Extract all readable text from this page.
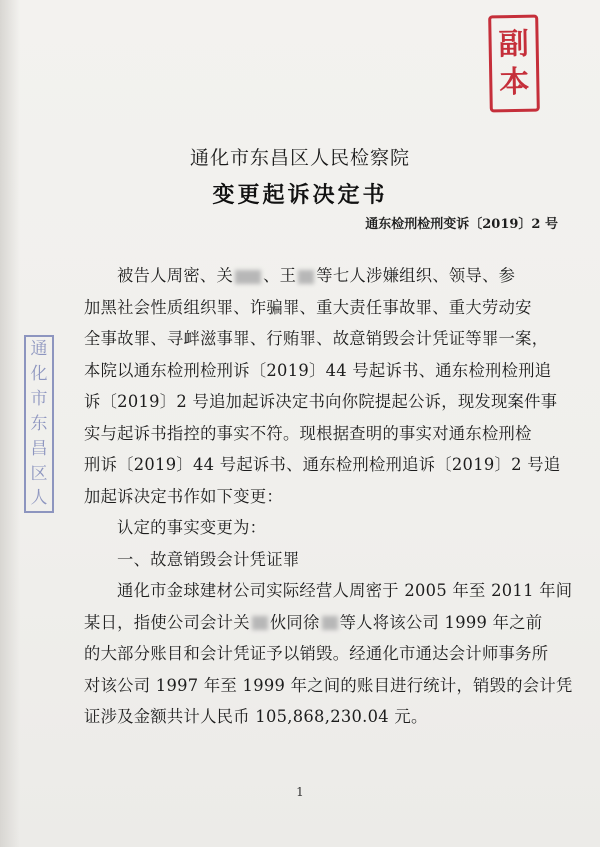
副
本
通
化
市
东
昌
区
人
通化市东昌区人民检察院
变更起诉决定书
通东检刑检刑变诉〔2019〕2 号

被告人周密、关 、王 等七人涉嫌组织、领导、参

加黑社会性质组织罪、诈骗罪、重大责任事故罪、重大劳动安

全事故罪、寻衅滋事罪、行贿罪、故意销毁会计凭证等罪一案，

本院以通东检刑检刑诉〔2019〕44 号起诉书、通东检刑检刑追

诉〔2019〕2 号追加起诉决定书向你院提起公诉，现发现案件事

实与起诉书指控的事实不符。现根据查明的事实对通东检刑检

刑诉〔2019〕44 号起诉书、通东检刑检刑追诉〔2019〕2 号追

加起诉决定书作如下变更：

认定的事实变更为：

一、故意销毁会计凭证罪

通化市金球建材公司实际经营人周密于 2005 年至 2011 年间

某日，指使公司会计关 伙同徐 等人将该公司 1999 年之前

的大部分账目和会计凭证予以销毁。经通化市通达会计师事务所

对该公司 1997 年至 1999 年之间的账目进行统计，销毁的会计凭

证涉及金额共计人民币 105,868,230.04 元。

1
